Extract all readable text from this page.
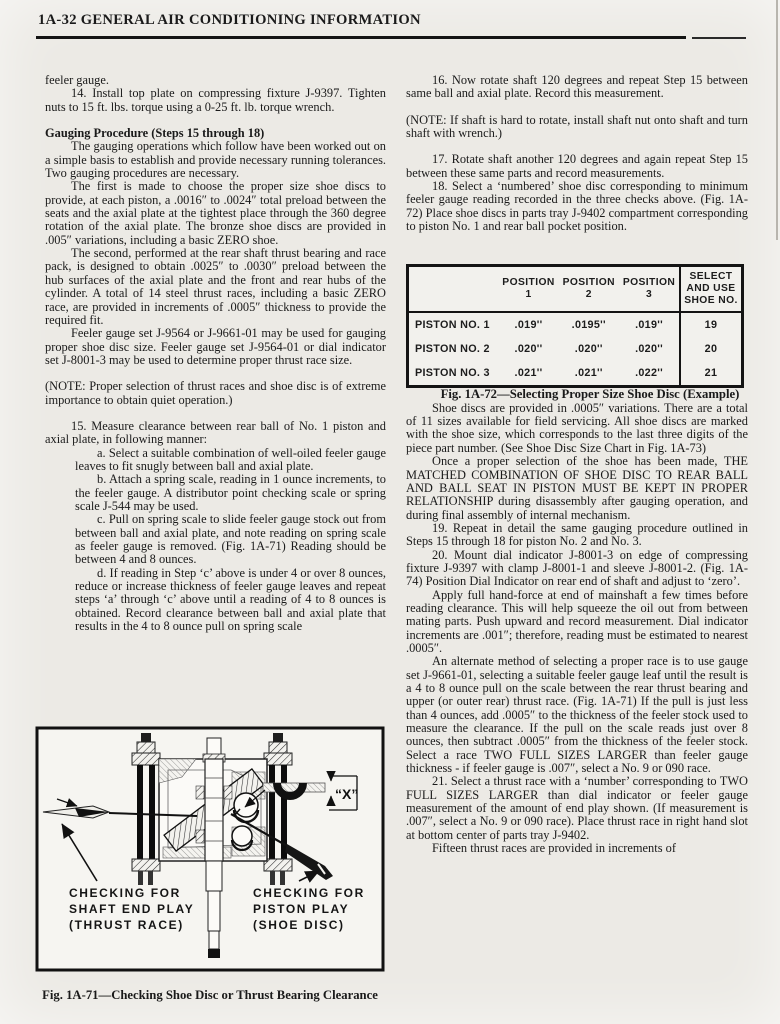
1A-32 GENERAL AIR CONDITIONING INFORMATION

feeler gauge.

14. Install top plate on compressing fixture J-9397. Tighten nuts to 15 ft. lbs. torque using a 0-25 ft. lb. torque wrench.

Gauging Procedure (Steps 15 through 18)

The gauging operations which follow have been worked out on a simple basis to establish and provide necessary running tolerances. Two gauging procedures are necessary.

The first is made to choose the proper size shoe discs to provide, at each piston, a .0016″ to .0024″ total preload between the seats and the axial plate at the tightest place through the 360 degree rotation of the axial plate. The bronze shoe discs are provided in .005″ variations, including a basic ZERO shoe.

The second, performed at the rear shaft thrust bearing and race pack, is designed to obtain .0025″ to .0030″ preload between the hub surfaces of the axial plate and the front and rear hubs of the cylinder. A total of 14 steel thrust races, including a basic ZERO race, are provided in increments of .0005″ thickness to provide the required fit.

Feeler gauge set J-9564 or J-9661-01 may be used for gauging proper shoe disc size. Feeler gauge set J-9564-01 or dial indicator set J-8001-3 may be used to determine proper thrust race size.

(NOTE: Proper selection of thrust races and shoe disc is of extreme importance to obtain quiet operation.)

15. Measure clearance between rear ball of No. 1 piston and axial plate, in following manner:

a. Select a suitable combination of well-oiled feeler gauge leaves to fit snugly between ball and axial plate.

b. Attach a spring scale, reading in 1 ounce increments, to the feeler gauge. A distributor point checking scale or spring scale J-544 may be used.

c. Pull on spring scale to slide feeler gauge stock out from between ball and axial plate, and note reading on spring scale as feeler gauge is removed. (Fig. 1A-71) Reading should be between 4 and 8 ounces.

d. If reading in Step ‘c’ above is under 4 or over 8 ounces, reduce or increase thickness of feeler gauge leaves and repeat steps ‘a’ through ‘c’ above until a reading of 4 to 8 ounces is obtained. Record clearance between ball and axial plate that results in the 4 to 8 ounce pull on spring scale

“X”
CHECKING FOR
SHAFT END PLAY
(THRUST RACE)
CHECKING FOR
PISTON PLAY
(SHOE DISC)
Fig. 1A-71—Checking Shoe Disc or Thrust Bearing Clearance

16. Now rotate shaft 120 degrees and repeat Step 15 between same ball and axial plate. Record this measurement.

(NOTE: If shaft is hard to rotate, install shaft nut onto shaft and turn shaft with wrench.)

17. Rotate shaft another 120 degrees and again repeat Step 15 between these same parts and record measurements.

18. Select a ‘numbered’ shoe disc corresponding to minimum feeler gauge reading recorded in the three checks above. (Fig. 1A-72) Place shoe discs in parts tray J-9402 compartment corresponding to piston No. 1 and rear ball pocket position.

	POSITION 1	POSITION 2	POSITION 3	SELECT AND USE SHOE NO.
PISTON NO. 1	.019''	.0195''	.019''	19
PISTON NO. 2	.020''	.020''	.020''	20
PISTON NO. 3	.021''	.021''	.022''	21

Fig. 1A-72—Selecting Proper Size Shoe Disc (Example)

Shoe discs are provided in .0005″ variations. There are a total of 11 sizes available for field servicing. All shoe discs are marked with the shoe size, which corresponds to the last three digits of the piece part number. (See Shoe Disc Size Chart in Fig. 1A-73)

Once a proper selection of the shoe has been made, THE MATCHED COMBINATION OF SHOE DISC TO REAR BALL AND BALL SEAT IN PISTON MUST BE KEPT IN PROPER RELATIONSHIP during disassembly after gauging operation, and during final assembly of internal mechanism.

19. Repeat in detail the same gauging procedure outlined in Steps 15 through 18 for piston No. 2 and No. 3.

20. Mount dial indicator J-8001-3 on edge of compressing fixture J-9397 with clamp J-8001-1 and sleeve J-8001-2. (Fig. 1A-74) Position Dial Indicator on rear end of shaft and adjust to ‘zero’.

Apply full hand-force at end of mainshaft a few times before reading clearance. This will help squeeze the oil out from between mating parts. Push upward and record measurement. Dial indicator increments are .001″; therefore, reading must be estimated to nearest .0005″.

An alternate method of selecting a proper race is to use gauge set J-9661-01, selecting a suitable feeler gauge leaf until the result is a 4 to 8 ounce pull on the scale between the rear thrust bearing and upper (or outer rear) thrust race. (Fig. 1A-71) If the pull is just less than 4 ounces, add .0005″ to the thickness of the feeler stock used to measure the clearance. If the pull on the scale reads just over 8 ounces, then subtract .0005″ from the thickness of the feeler stock. Select a race TWO FULL SIZES LARGER than feeler gauge thickness - if feeler gauge is .007″, select a No. 9 or 090 race.

21. Select a thrust race with a ‘number’ corresponding to TWO FULL SIZES LARGER than dial indicator or feeler gauge measurement of the amount of end play shown. (If measurement is .007″, select a No. 9 or 090 race). Place thrust race in right hand slot at bottom center of parts tray J-9402.

Fifteen thrust races are provided in increments of
